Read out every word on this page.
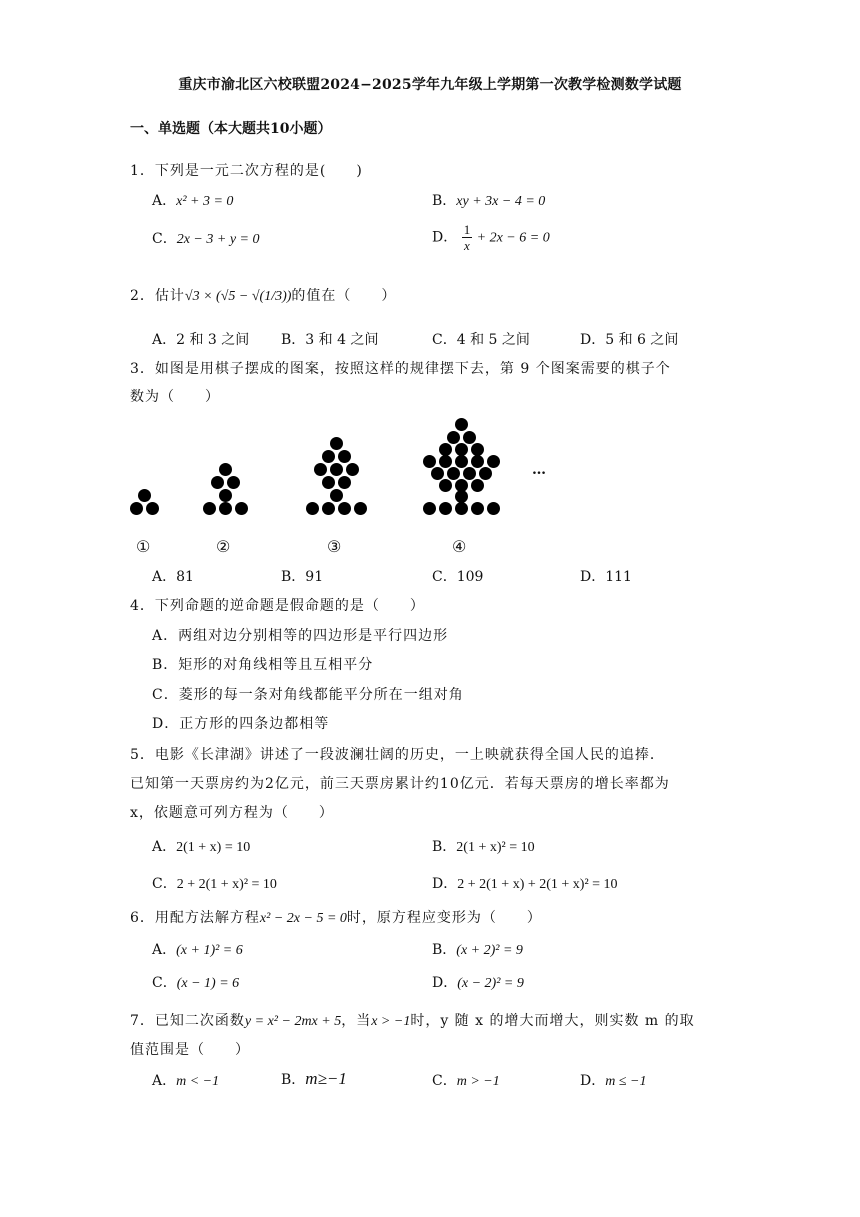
重庆市渝北区六校联盟2024−2025学年九年级上学期第一次教学检测数学试题
一、单选题（本大题共10小题）
1．下列是一元二次方程的是(　　)
A．x² + 3 = 0	B．xy + 3x − 4 = 0
C．2x − 3 + y = 0	D． $\frac{1}{x} + 2x - 6 = 0$
2．估计√3 × (√5 − √(1/3))的值在（　　）
A．2 和 3 之间 B．3 和 4 之间	C．4 和 5 之间	D．5 和 6 之间
3．如图是用棋子摆成的图案，按照这样的规律摆下去，第 9 个图案需要的棋子个
数为（　　）
…
①	②	③	④
A．81	B．91	C．109	D．111
4．下列命题的逆命题是假命题的是（　　）
A．两组对边分别相等的四边形是平行四边形
B．矩形的对角线相等且互相平分
C．菱形的每一条对角线都能平分所在一组对角
D．正方形的四条边都相等
5．电影《长津湖》讲述了一段波澜壮阔的历史，一上映就获得全国人民的追捧．
已知第一天票房约为2亿元，前三天票房累计约10亿元．若每天票房的增长率都为
x，依题意可列方程为（　　）
A．2(1 + x) = 10	B．2(1 + x)² = 10
C．2 + 2(1 + x)² = 10	D．2 + 2(1 + x) + 2(1 + x)² = 10
6．用配方法解方程x² − 2x − 5 = 0时，原方程应变形为（　　）
A．(x + 1)² = 6	B．(x + 2)² = 9
C．(x − 1) = 6	D．(x − 2)² = 9
7．已知二次函数y = x² − 2mx + 5，当x > −1时，y 随 x 的增大而增大，则实数 m 的取
值范围是（　　）
A．m < −1	B．m≥−1	C．m > −1	D．m ≤ −1
